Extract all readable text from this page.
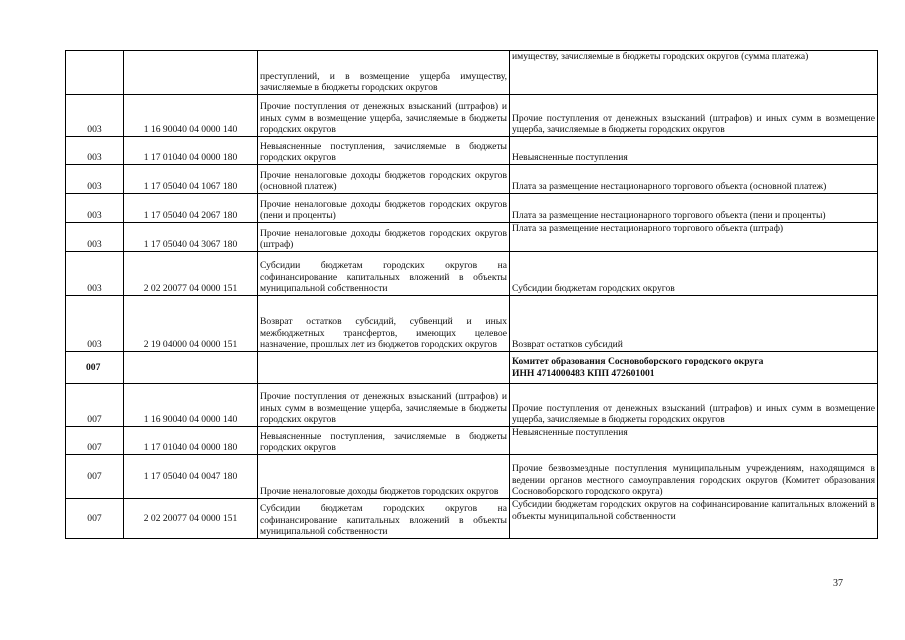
		преступлений, и в возмещение ущерба имуществу, зачисляемые в бюджеты городских округов	имуществу, зачисляемые в бюджеты городских округов (сумма платежа)
003	1 16 90040 04 0000 140	Прочие поступления от денежных взысканий (штрафов) и иных сумм в возмещение ущерба, зачисляемые в бюджеты городских округов	Прочие поступления от денежных взысканий (штрафов) и иных сумм в возмещение ущерба, зачисляемые в бюджеты городских округов
003	1 17 01040 04 0000 180	Невыясненные поступления, зачисляемые в бюджеты городских округов	Невыясненные поступления
003	1 17 05040 04 1067 180	Прочие неналоговые доходы бюджетов городских округов (основной платеж)	Плата за размещение нестационарного торгового объекта (основной платеж)
003	1 17 05040 04 2067 180	Прочие неналоговые доходы бюджетов городских округов (пени и проценты)	Плата за размещение нестационарного торгового объекта (пени и проценты)
003	1 17 05040 04 3067 180	Прочие неналоговые доходы бюджетов городских округов (штраф)	Плата за размещение нестационарного торгового объекта (штраф)
003	2 02 20077 04 0000 151	Субсидии бюджетам городских округов на софинансирование капитальных вложений в объекты муниципальной собственности	Субсидии бюджетам городских округов
003	2 19 04000 04 0000 151	Возврат остатков субсидий, субвенций и иных межбюджетных трансфертов, имеющих целевое назначение, прошлых лет из бюджетов городских округов	Возврат остатков субсидий
007			Комитет образования Сосновоборского городского округа
ИНН 4714000483 КПП 472601001

007	1 16 90040 04 0000 140	Прочие поступления от денежных взысканий (штрафов) и иных сумм в возмещение ущерба, зачисляемые в бюджеты городских округов	Прочие поступления от денежных взысканий (штрафов) и иных сумм в возмещение ущерба, зачисляемые в бюджеты городских округов
007	1 17 01040 04 0000 180	Невыясненные поступления, зачисляемые в бюджеты городских округов	Невыясненные поступления
007	1 17 05040 04 0047 180	Прочие неналоговые доходы бюджетов городских округов	Прочие безвозмездные поступления муниципальным учреждениям, находящимся в ведении органов местного самоуправления городских округов (Комитет образования Сосновоборского городского округа)
007	2 02 20077 04 0000 151	Субсидии бюджетам городских округов на софинансирование капитальных вложений в объекты муниципальной собственности	Субсидии бюджетам городских округов на софинансирование капитальных вложений в объекты муниципальной собственности
37
